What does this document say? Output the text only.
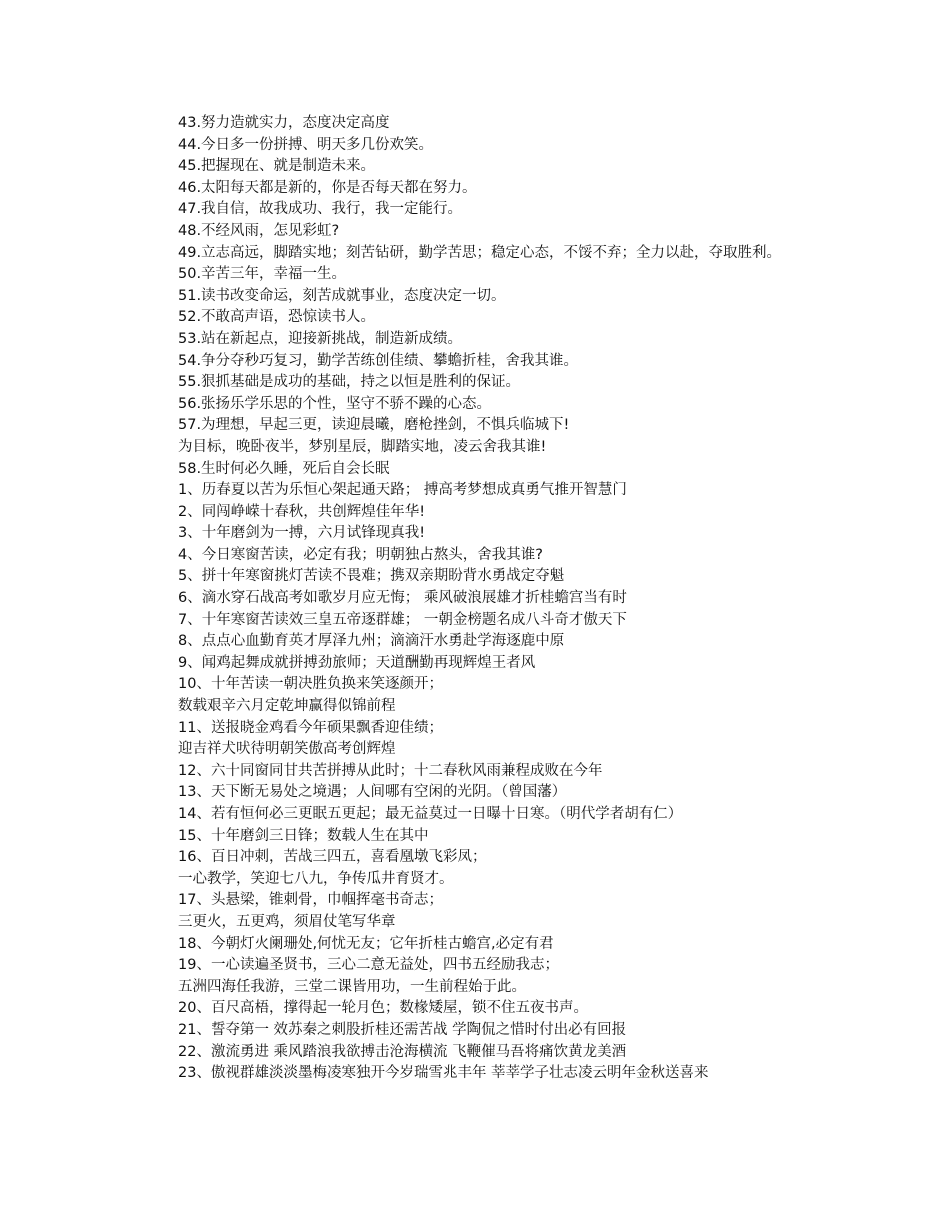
43.努力造就实力，态度决定高度
44.今日多一份拼搏、明天多几份欢笑。
45.把握现在、就是制造未来。
46.太阳每天都是新的，你是否每天都在努力。
47.我自信，故我成功、我行，我一定能行。
48.不经风雨，怎见彩虹?
49.立志高远，脚踏实地；刻苦钻研，勤学苦思；稳定心态，不馁不弃；全力以赴，夺取胜利。
50.辛苦三年，幸福一生。
51.读书改变命运，刻苦成就事业，态度决定一切。
52.不敢高声语，恐惊读书人。
53.站在新起点，迎接新挑战，制造新成绩。
54.争分夺秒巧复习，勤学苦练创佳绩、攀蟾折桂，舍我其谁。
55.狠抓基础是成功的基础，持之以恒是胜利的保证。
56.张扬乐学乐思的个性，坚守不骄不躁的心态。
57.为理想，早起三更，读迎晨曦，磨枪挫剑，不惧兵临城下!
为目标，晚卧夜半，梦别星辰，脚踏实地，凌云舍我其谁!
58.生时何必久睡，死后自会长眠
1、历春夏以苦为乐恒心架起通天路； 搏高考梦想成真勇气推开智慧门
2、同闯峥嵘十春秋，共创辉煌佳年华!
3、十年磨剑为一搏，六月试锋现真我!
4、今日寒窗苦读，必定有我；明朝独占熬头，舍我其谁?
5、拼十年寒窗挑灯苦读不畏难；携双亲期盼背水勇战定夺魁
6、滴水穿石战高考如歌岁月应无悔； 乘风破浪展雄才折桂蟾宫当有时
7、十年寒窗苦读效三皇五帝逐群雄； 一朝金榜题名成八斗奇才傲天下
8、点点心血勤育英才厚泽九州；滴滴汗水勇赴学海逐鹿中原
9、闻鸡起舞成就拼搏劲旅师；天道酬勤再现辉煌王者风
10、十年苦读一朝决胜负换来笑逐颜开；
数载艰辛六月定乾坤赢得似锦前程
11、送报晓金鸡看今年硕果飘香迎佳绩；
迎吉祥犬吠待明朝笑傲高考创辉煌
12、六十同窗同甘共苦拼搏从此时；十二春秋风雨兼程成败在今年
13、天下断无易处之境遇；人间哪有空闲的光阴。（曾国藩）
14、若有恒何必三更眠五更起；最无益莫过一日曝十日寒。（明代学者胡有仁）
15、十年磨剑三日锋；数载人生在其中
16、百日冲刺，苦战三四五，喜看凰墩飞彩凤；
一心教学，笑迎七八九，争传瓜井育贤才。
17、头悬梁，锥刺骨，巾帼挥毫书奇志；
三更火，五更鸡，须眉仗笔写华章
18、今朝灯火阑珊处,何忧无友；它年折桂古蟾宫,必定有君
19、一心读遍圣贤书，三心二意无益处，四书五经励我志；
五洲四海任我游，三堂二课皆用功，一生前程始于此。
20、百尺高梧，撑得起一轮月色；数椽矮屋，锁不住五夜书声。
21、誓夺第一 效苏秦之刺股折桂还需苦战 学陶侃之惜时付出必有回报
22、激流勇进 乘风踏浪我欲搏击沧海横流 飞鞭催马吾将痛饮黄龙美酒
23、傲视群雄淡淡墨梅凌寒独开今岁瑞雪兆丰年 莘莘学子壮志凌云明年金秋送喜来
